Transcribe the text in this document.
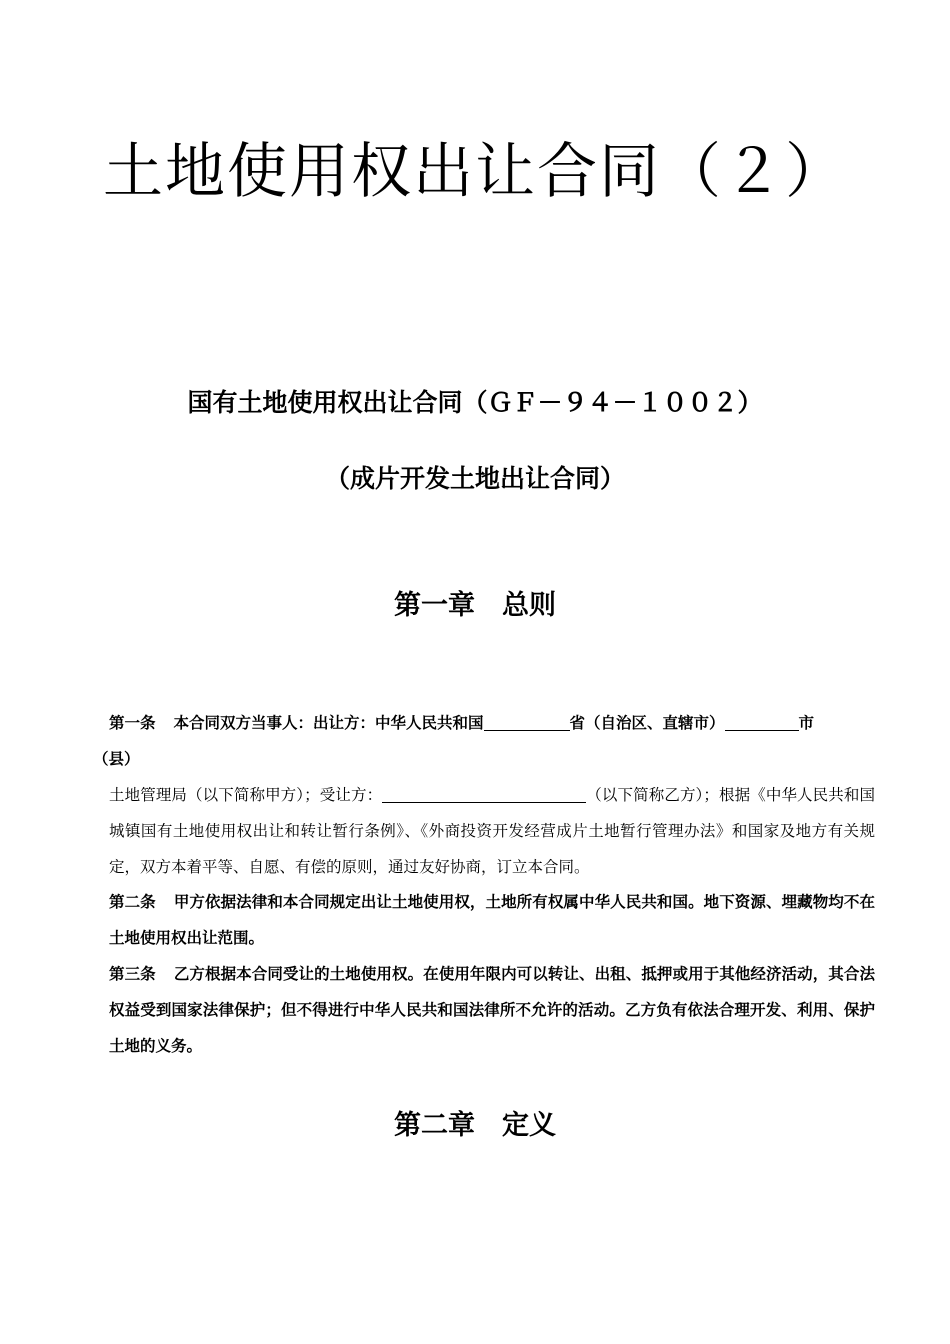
土地使用权出让合同（２）

国有土地使用权出让合同（ＧＦ－９４－１００２）

（成片开发土地出让合同）

第一章　总则

第一条 本合同双方当事人：出让方：中华人民共和国	省（自治区、直辖市）	市
（县）

土地管理局（以下简称甲方）；受让方：	（以下简称乙方）；根据《中华人民共和国城镇国有土地使用权出让和转让暂行条例》、《外商投资开发经营成片土地暂行管理办法》和国家及地方有关规定，双方本着平等、自愿、有偿的原则，通过友好协商，订立本合同。

第二条 甲方依据法律和本合同规定出让土地使用权，土地所有权属中华人民共和国。地下资源、埋藏物均不在土地使用权出让范围。

第三条 乙方根据本合同受让的土地使用权。在使用年限内可以转让、出租、抵押或用于其他经济活动，其合法权益受到国家法律保护；但不得进行中华人民共和国法律所不允许的活动。乙方负有依法合理开发、利用、保护土地的义务。

第二章　定义
